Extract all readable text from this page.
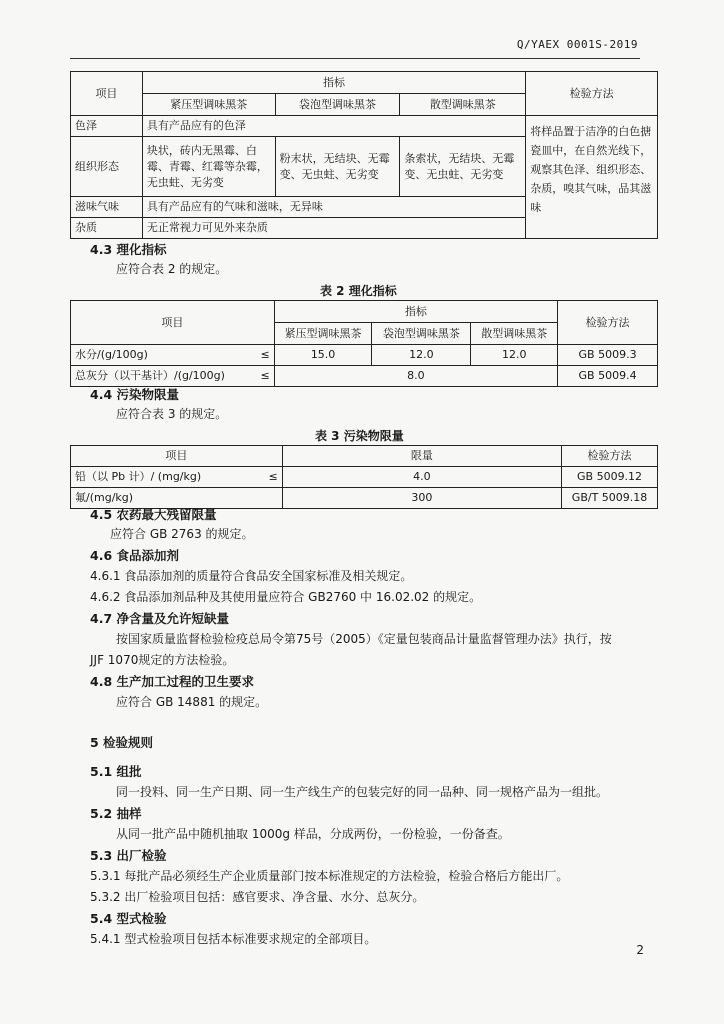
Q/YAEX 0001S-2019
项目	指标			检验方法
	紧压型调味黑茶	袋泡型调味黑茶	散型调味黑茶	
色泽	具有产品应有的色泽			将样品置于洁净的白色搪瓷皿中，在自然光线下，观察其色泽、组织形态、杂质，嗅其气味，品其滋味
组织形态	块状，砖内无黑霉、白霉、青霉、红霉等杂霉，无虫蛀、无劣变	粉末状，无结块、无霉变、无虫蛀、无劣变	条索状，无结块、无霉变、无虫蛀、无劣变	
滋味气味	具有产品应有的气味和滋味，无异味			
杂质	无正常视力可见外来杂质			
4.3 理化指标
应符合表 2 的规定。
表 2 理化指标
项目	指标			检验方法
	紧压型调味黑茶	袋泡型调味黑茶	散型调味黑茶	
水分/(g/100g) ≤	15.0	12.0	12.0	GB 5009.3
总灰分（以干基计）/(g/100g) ≤	8.0			GB 5009.4
4.4 污染物限量
应符合表 3 的规定。
表 3 污染物限量
项目	限量	检验方法
铅（以 Pb 计）/ (mg/kg) ≤	4.0	GB 5009.12
氟/(mg/kg)	300	GB/T 5009.18
4.5 农药最大残留限量
应符合 GB 2763 的规定。
4.6 食品添加剂
4.6.1 食品添加剂的质量符合食品安全国家标准及相关规定。
4.6.2 食品添加剂品种及其使用量应符合 GB2760 中 16.02.02 的规定。
4.7 净含量及允许短缺量
按国家质量监督检验检疫总局令第75号（2005）《定量包装商品计量监督管理办法》执行，按
JJF 1070规定的方法检验。
4.8 生产加工过程的卫生要求
应符合 GB 14881 的规定。
5 检验规则
5.1 组批
同一投料、同一生产日期、同一生产线生产的包装完好的同一品种、同一规格产品为一组批。
5.2 抽样
从同一批产品中随机抽取 1000g 样品，分成两份，一份检验，一份备查。
5.3 出厂检验
5.3.1 每批产品必须经生产企业质量部门按本标准规定的方法检验，检验合格后方能出厂。
5.3.2 出厂检验项目包括：感官要求、净含量、水分、总灰分。
5.4 型式检验
5.4.1 型式检验项目包括本标准要求规定的全部项目。
2
